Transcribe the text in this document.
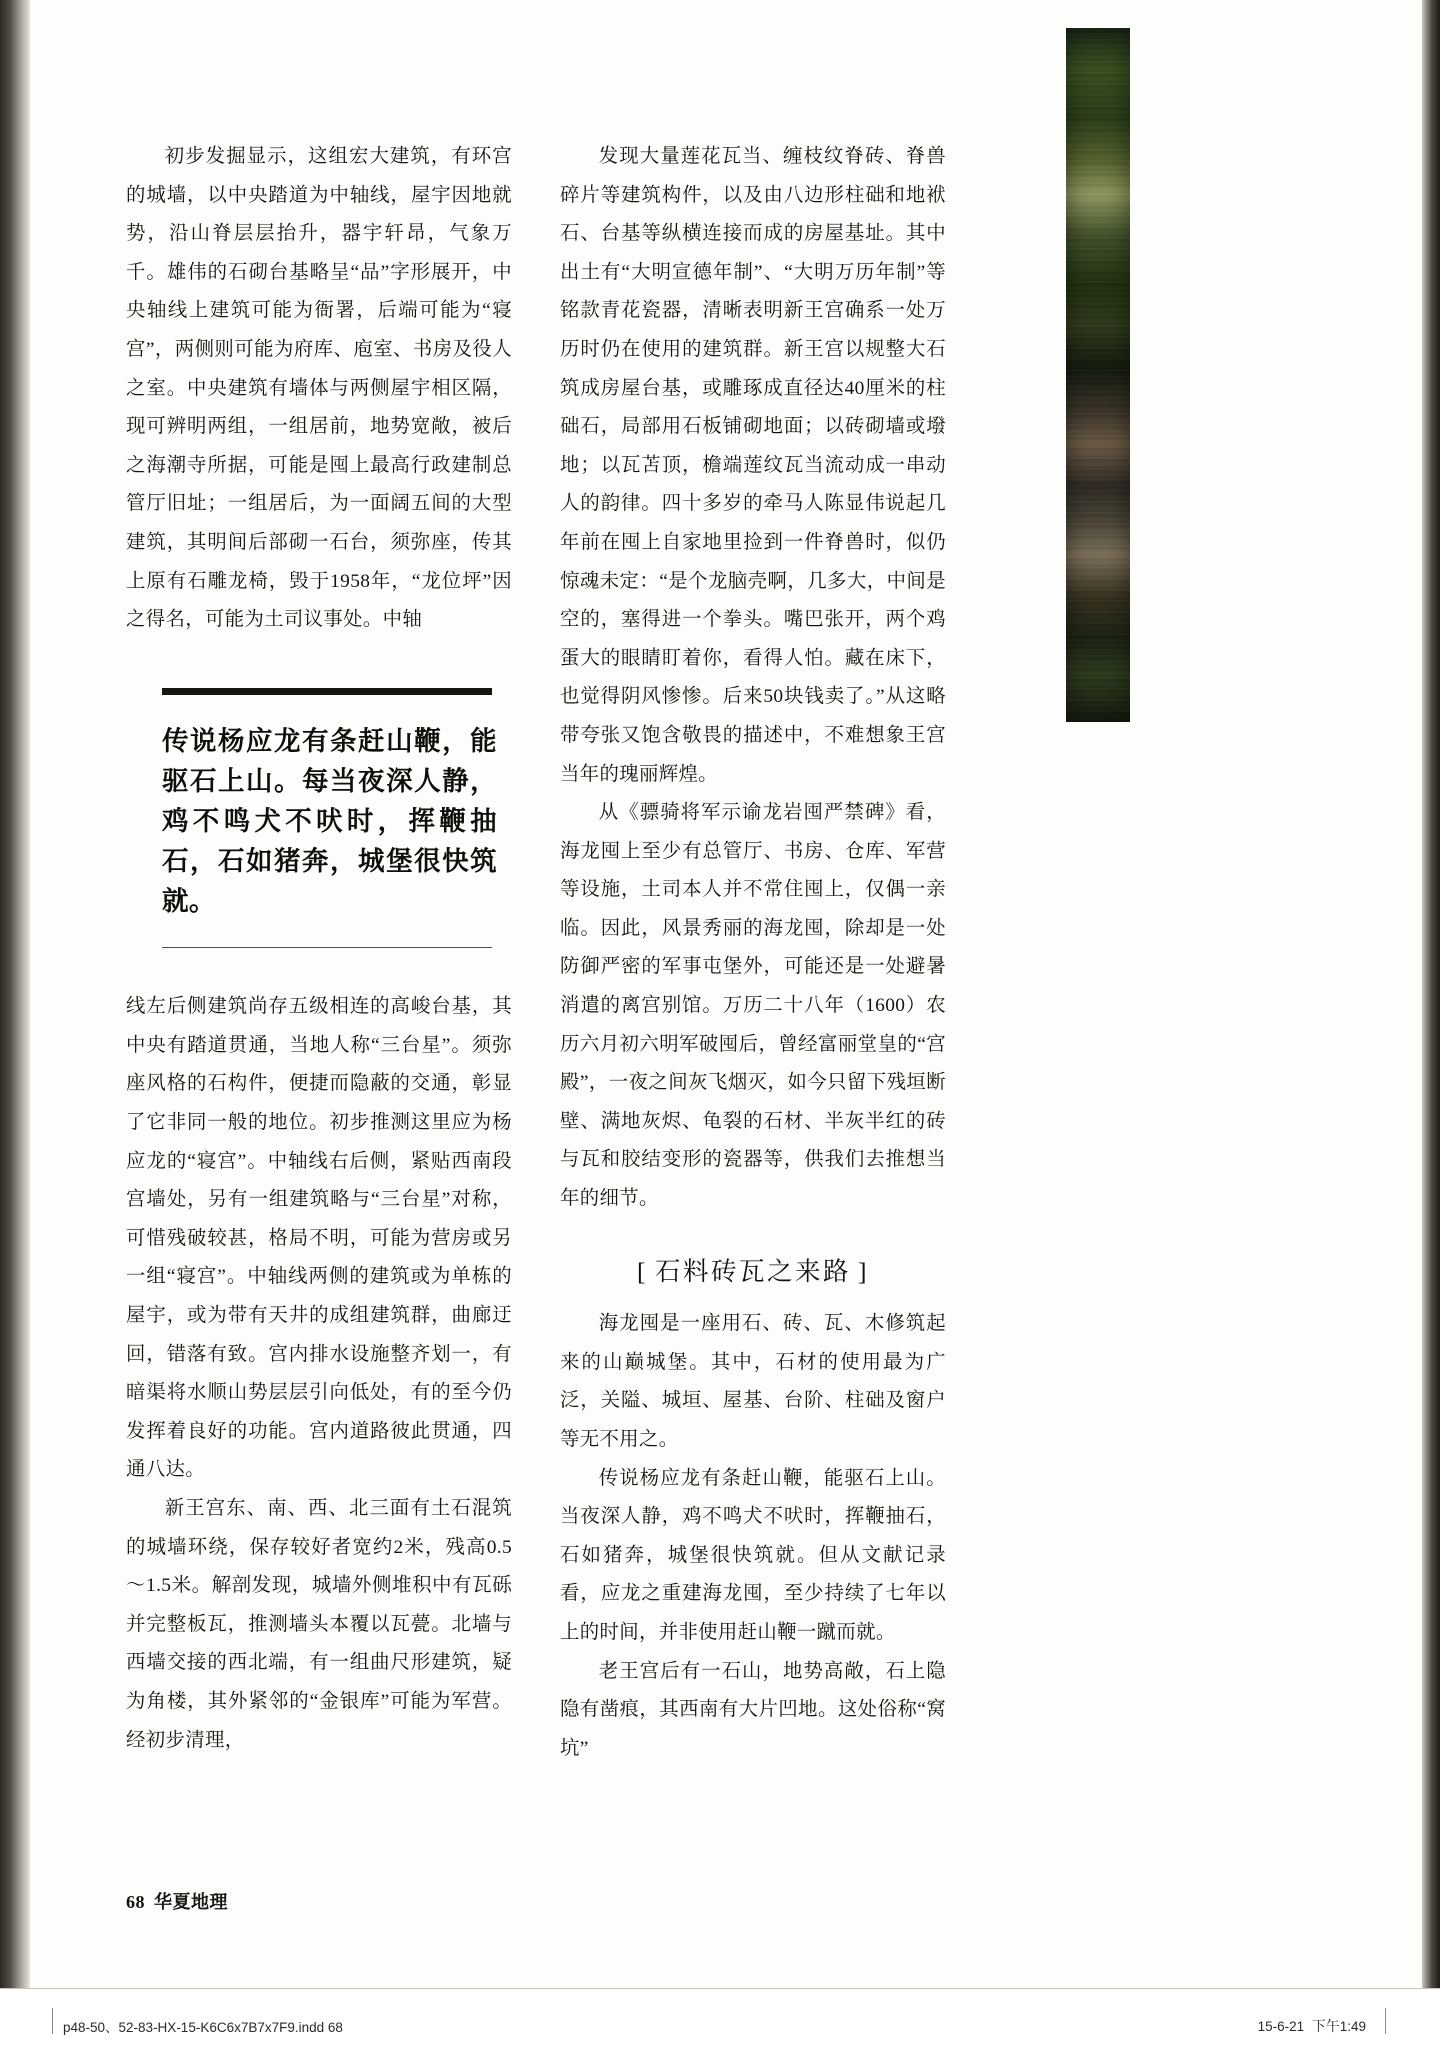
初步发掘显示，这组宏大建筑，有环宫的城墙，以中央踏道为中轴线，屋宇因地就势，沿山脊层层抬升，器宇轩昂，气象万千。雄伟的石砌台基略呈“品”字形展开，中央轴线上建筑可能为衙署，后端可能为“寝宫”，两侧则可能为府库、庖室、书房及役人之室。中央建筑有墙体与两侧屋宇相区隔，现可辨明两组，一组居前，地势宽敞，被后之海潮寺所据，可能是囤上最高行政建制总管厅旧址；一组居后，为一面阔五间的大型建筑，其明间后部砌一石台，须弥座，传其上原有石雕龙椅，毁于1958年，“龙位坪”因之得名，可能为土司议事处。中轴

传说杨应龙有条赶山鞭，能驱石上山。每当夜深人静，鸡不鸣犬不吠时，挥鞭抽石，石如猪奔，城堡很快筑就。

线左后侧建筑尚存五级相连的高峻台基，其中央有踏道贯通，当地人称“三台星”。须弥座风格的石构件，便捷而隐蔽的交通，彰显了它非同一般的地位。初步推测这里应为杨应龙的“寝宫”。中轴线右后侧，紧贴西南段宫墙处，另有一组建筑略与“三台星”对称，可惜残破较甚，格局不明，可能为营房或另一组“寝宫”。中轴线两侧的建筑或为单栋的屋宇，或为带有天井的成组建筑群，曲廊迂回，错落有致。宫内排水设施整齐划一，有暗渠将水顺山势层层引向低处，有的至今仍发挥着良好的功能。宫内道路彼此贯通，四通八达。

新王宫东、南、西、北三面有土石混筑的城墙环绕，保存较好者宽约2米，残高0.5～1.5米。解剖发现，城墙外侧堆积中有瓦砾并完整板瓦，推测墙头本覆以瓦甍。北墙与西墙交接的西北端，有一组曲尺形建筑，疑为角楼，其外紧邻的“金银库”可能为军营。经初步清理，

发现大量莲花瓦当、缠枝纹脊砖、脊兽碎片等建筑构件，以及由八边形柱础和地袱石、台基等纵横连接而成的房屋基址。其中出土有“大明宣德年制”、“大明万历年制”等铭款青花瓷器，清晰表明新王宫确系一处万历时仍在使用的建筑群。新王宫以规整大石筑成房屋台基，或雕琢成直径达40厘米的柱础石，局部用石板铺砌地面；以砖砌墙或墢地；以瓦苫顶，檐端莲纹瓦当流动成一串动人的韵律。四十多岁的牵马人陈显伟说起几年前在囤上自家地里捡到一件脊兽时，似仍惊魂未定：“是个龙脑壳啊，几多大，中间是空的，塞得进一个拳头。嘴巴张开，两个鸡蛋大的眼睛盯着你，看得人怕。藏在床下，也觉得阴风惨惨。后来50块钱卖了。”从这略带夸张又饱含敬畏的描述中，不难想象王宫当年的瑰丽辉煌。

从《骠骑将军示谕龙岩囤严禁碑》看，海龙囤上至少有总管厅、书房、仓库、军营等设施，土司本人并不常住囤上，仅偶一亲临。因此，风景秀丽的海龙囤，除却是一处防御严密的军事屯堡外，可能还是一处避暑消遣的离宫别馆。万历二十八年（1600）农历六月初六明军破囤后，曾经富丽堂皇的“宫殿”，一夜之间灰飞烟灭，如今只留下残垣断壁、满地灰烬、龟裂的石材、半灰半红的砖与瓦和胶结变形的瓷器等，供我们去推想当年的细节。

[ 石料砖瓦之来路 ]

海龙囤是一座用石、砖、瓦、木修筑起来的山巅城堡。其中，石材的使用最为广泛，关隘、城垣、屋基、台阶、柱础及窗户等无不用之。

传说杨应龙有条赶山鞭，能驱石上山。当夜深人静，鸡不鸣犬不吠时，挥鞭抽石，石如猪奔，城堡很快筑就。但从文献记录看，应龙之重建海龙囤，至少持续了七年以上的时间，并非使用赶山鞭一蹴而就。

老王宫后有一石山，地势高敞，石上隐隐有凿痕，其西南有大片凹地。这处俗称“窝坑”

68 华夏地理
p48-50、52-83-HX-15-K6C6x7B7x7F9.indd 68	15-6-21 下午1:49
